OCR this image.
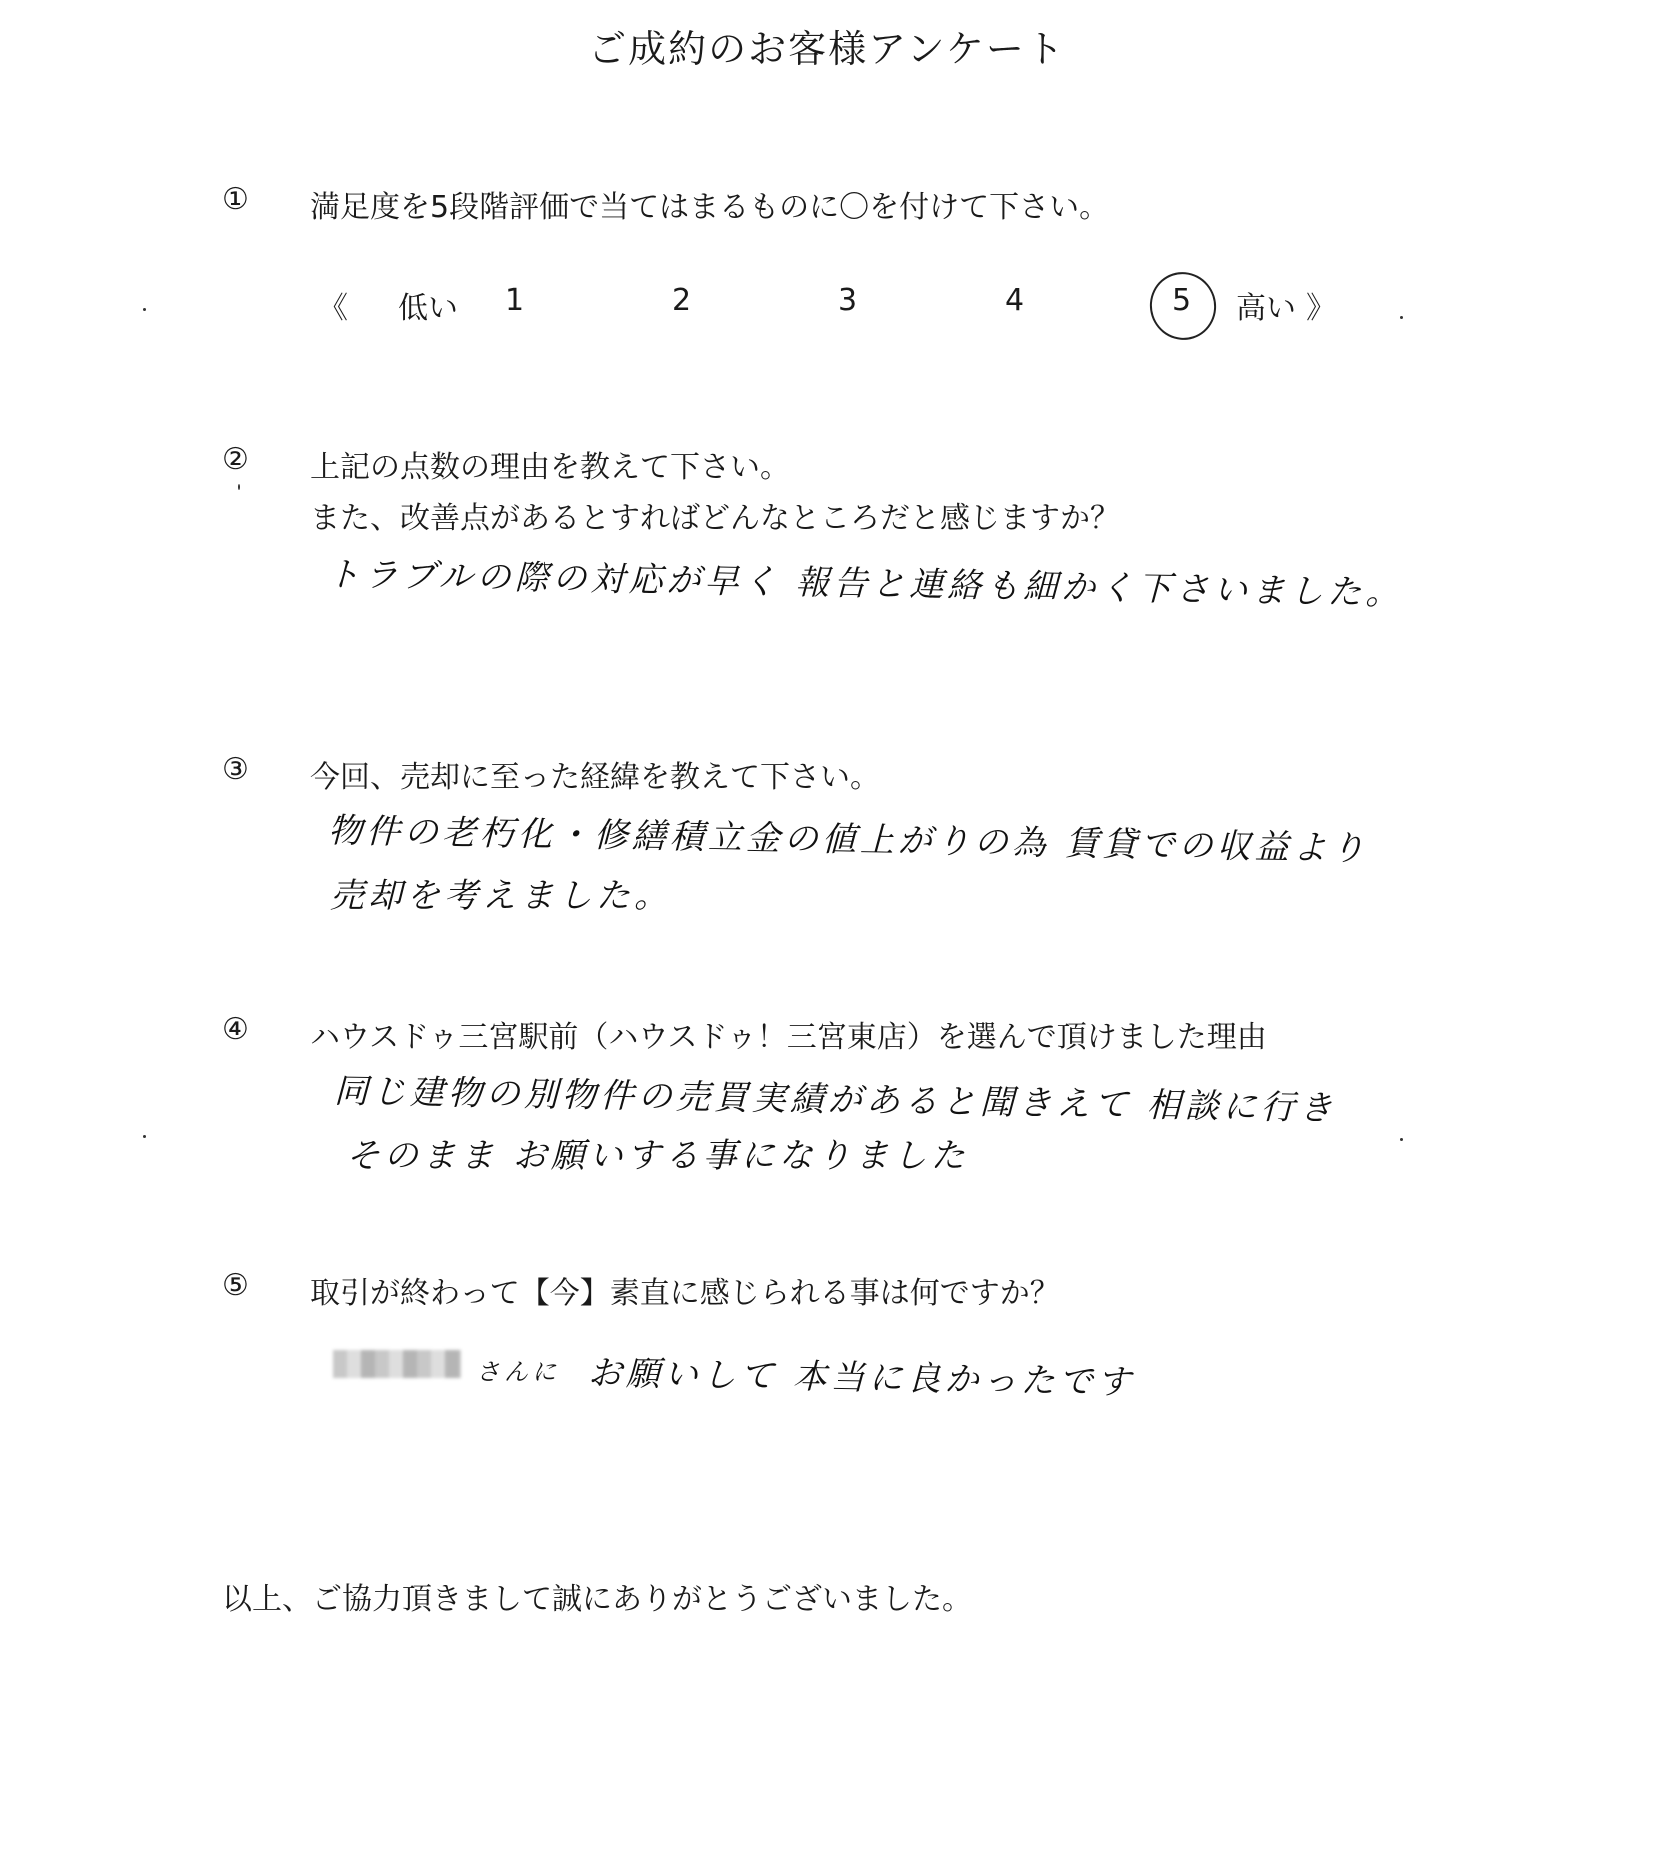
ご成約のお客様アンケート
① 満足度を5段階評価で当てはまるものに〇を付けて下さい。
《 低い 1	2	3	4	5 高い 》
② 上記の点数の理由を教えて下さい。
また、改善点があるとすればどんなところだと感じますか？
トラブルの際の対応が早く 報告と連絡も細かく下さいました。
③ 今回、売却に至った経緯を教えて下さい。
物件の老朽化・修繕積立金の値上がりの為 賃貸での収益より
売却を考えました。
④ ハウスドゥ三宮駅前（ハウスドゥ！三宮東店）を選んで頂けました理由
同じ建物の別物件の売買実績があると聞きえて 相談に行き
そのまま お願いする事になりました
⑤ 取引が終わって【今】素直に感じられる事は何ですか？
さんに お願いして 本当に良かったです
以上、ご協力頂きまして誠にありがとうございました。
